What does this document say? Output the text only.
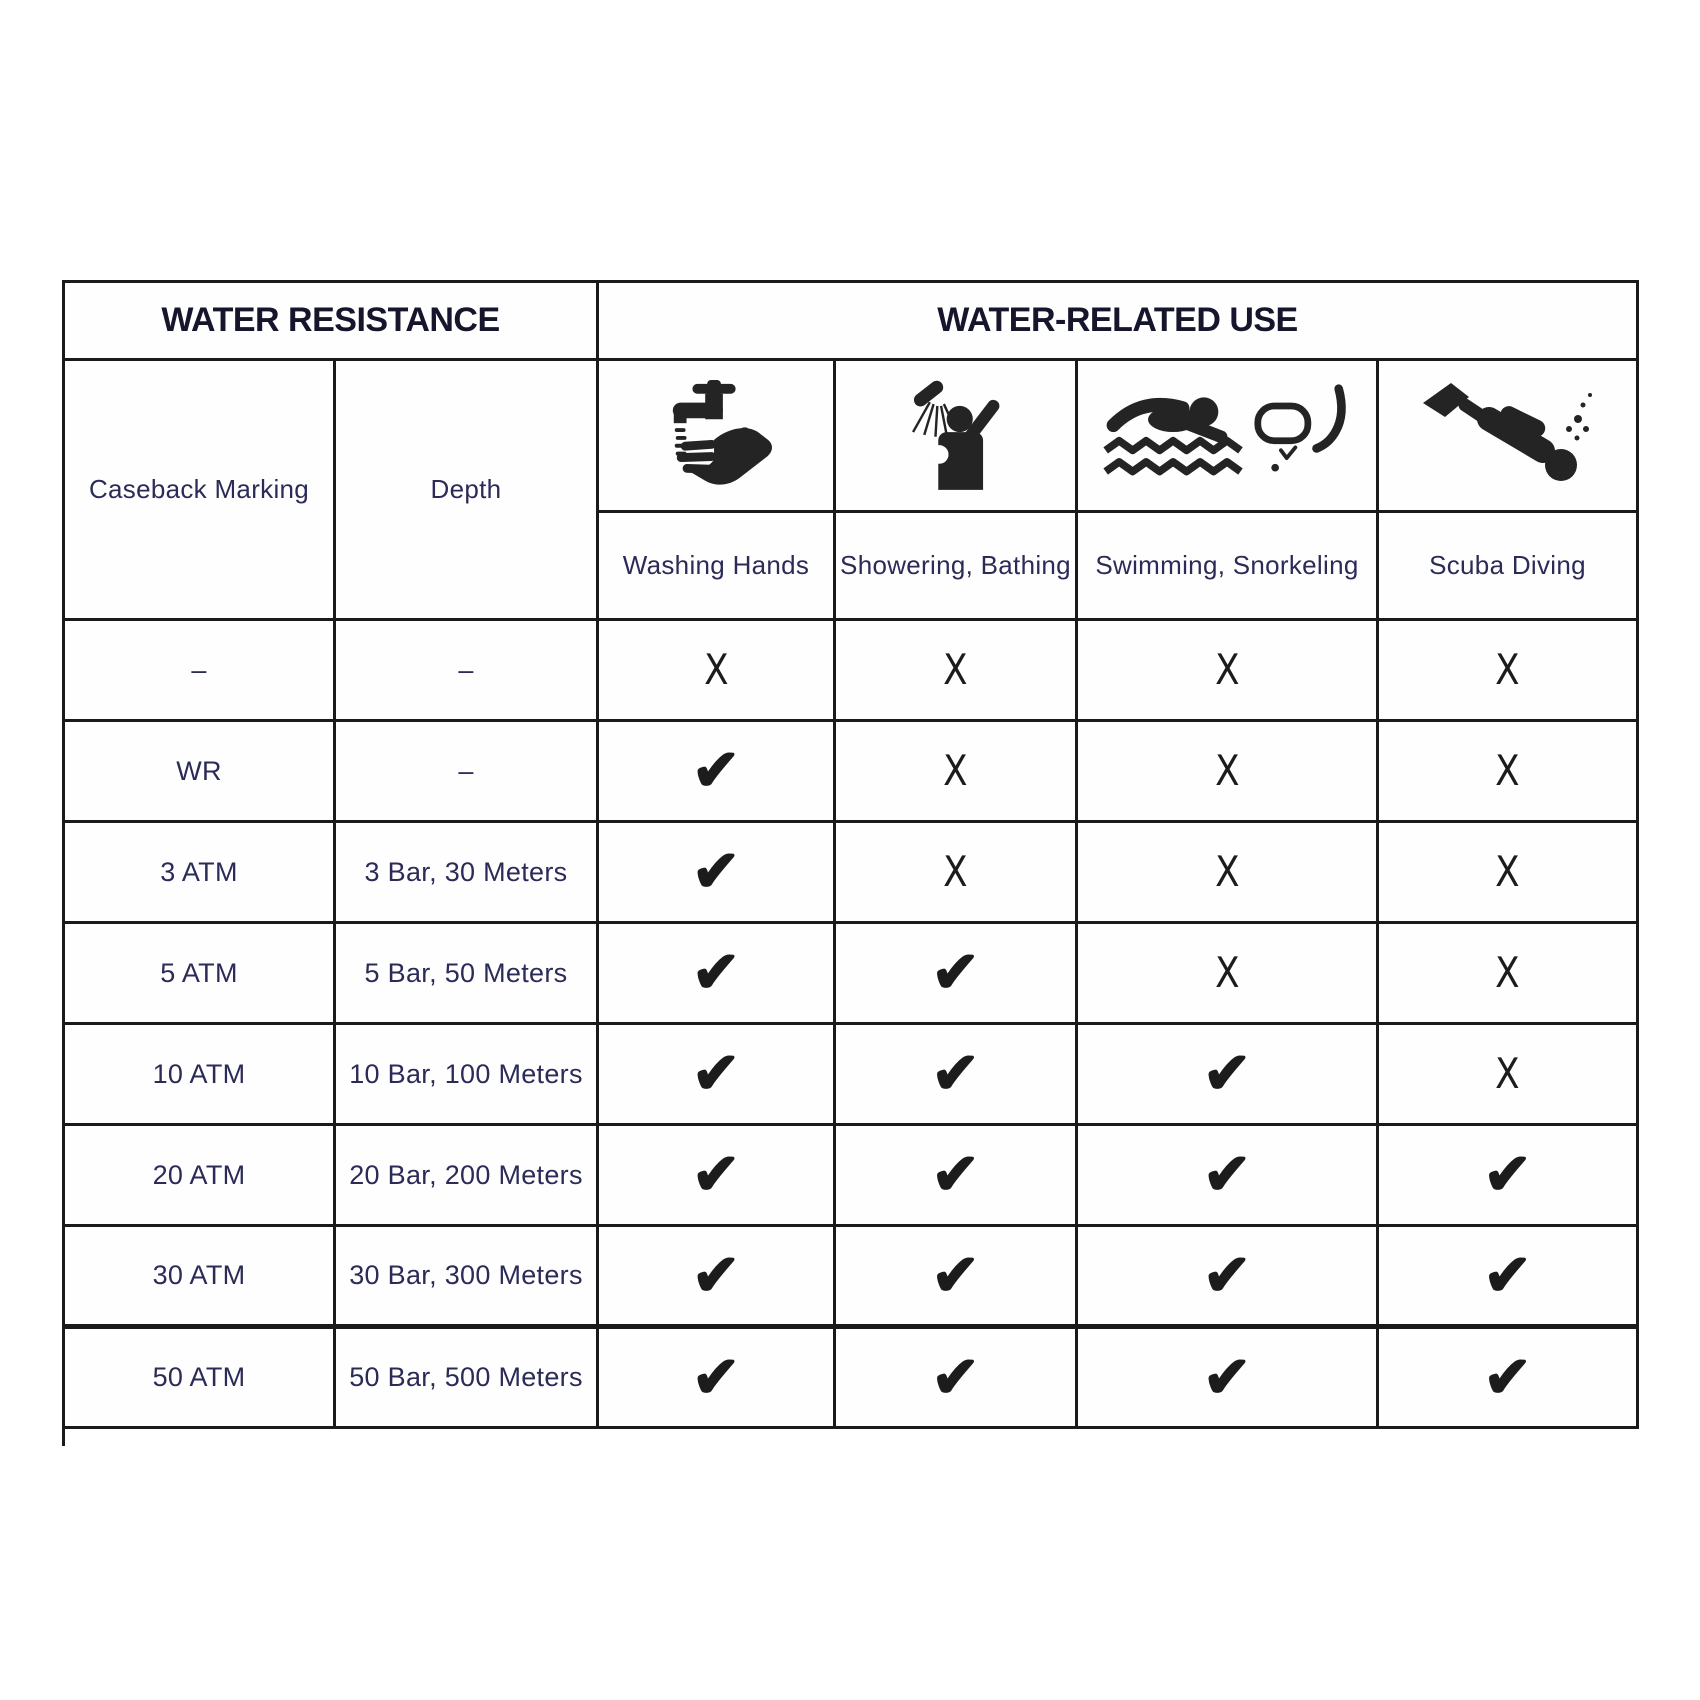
WATER RESISTANCE		WATER-RELATED USE			
Caseback Marking	Depth				
		Washing Hands	Showering, Bathing	Swimming, Snorkeling	Scuba Diving
–	–	X	X	X	X
WR	–	✔	X	X	X
3 ATM	3 Bar, 30 Meters	✔	X	X	X
5 ATM	5 Bar, 50 Meters	✔	✔	X	X
10 ATM	10 Bar, 100 Meters	✔	✔	✔	X
20 ATM	20 Bar, 200 Meters	✔	✔	✔	✔
30 ATM	30 Bar, 300 Meters	✔	✔	✔	✔
50 ATM	50 Bar, 500 Meters	✔	✔	✔	✔
